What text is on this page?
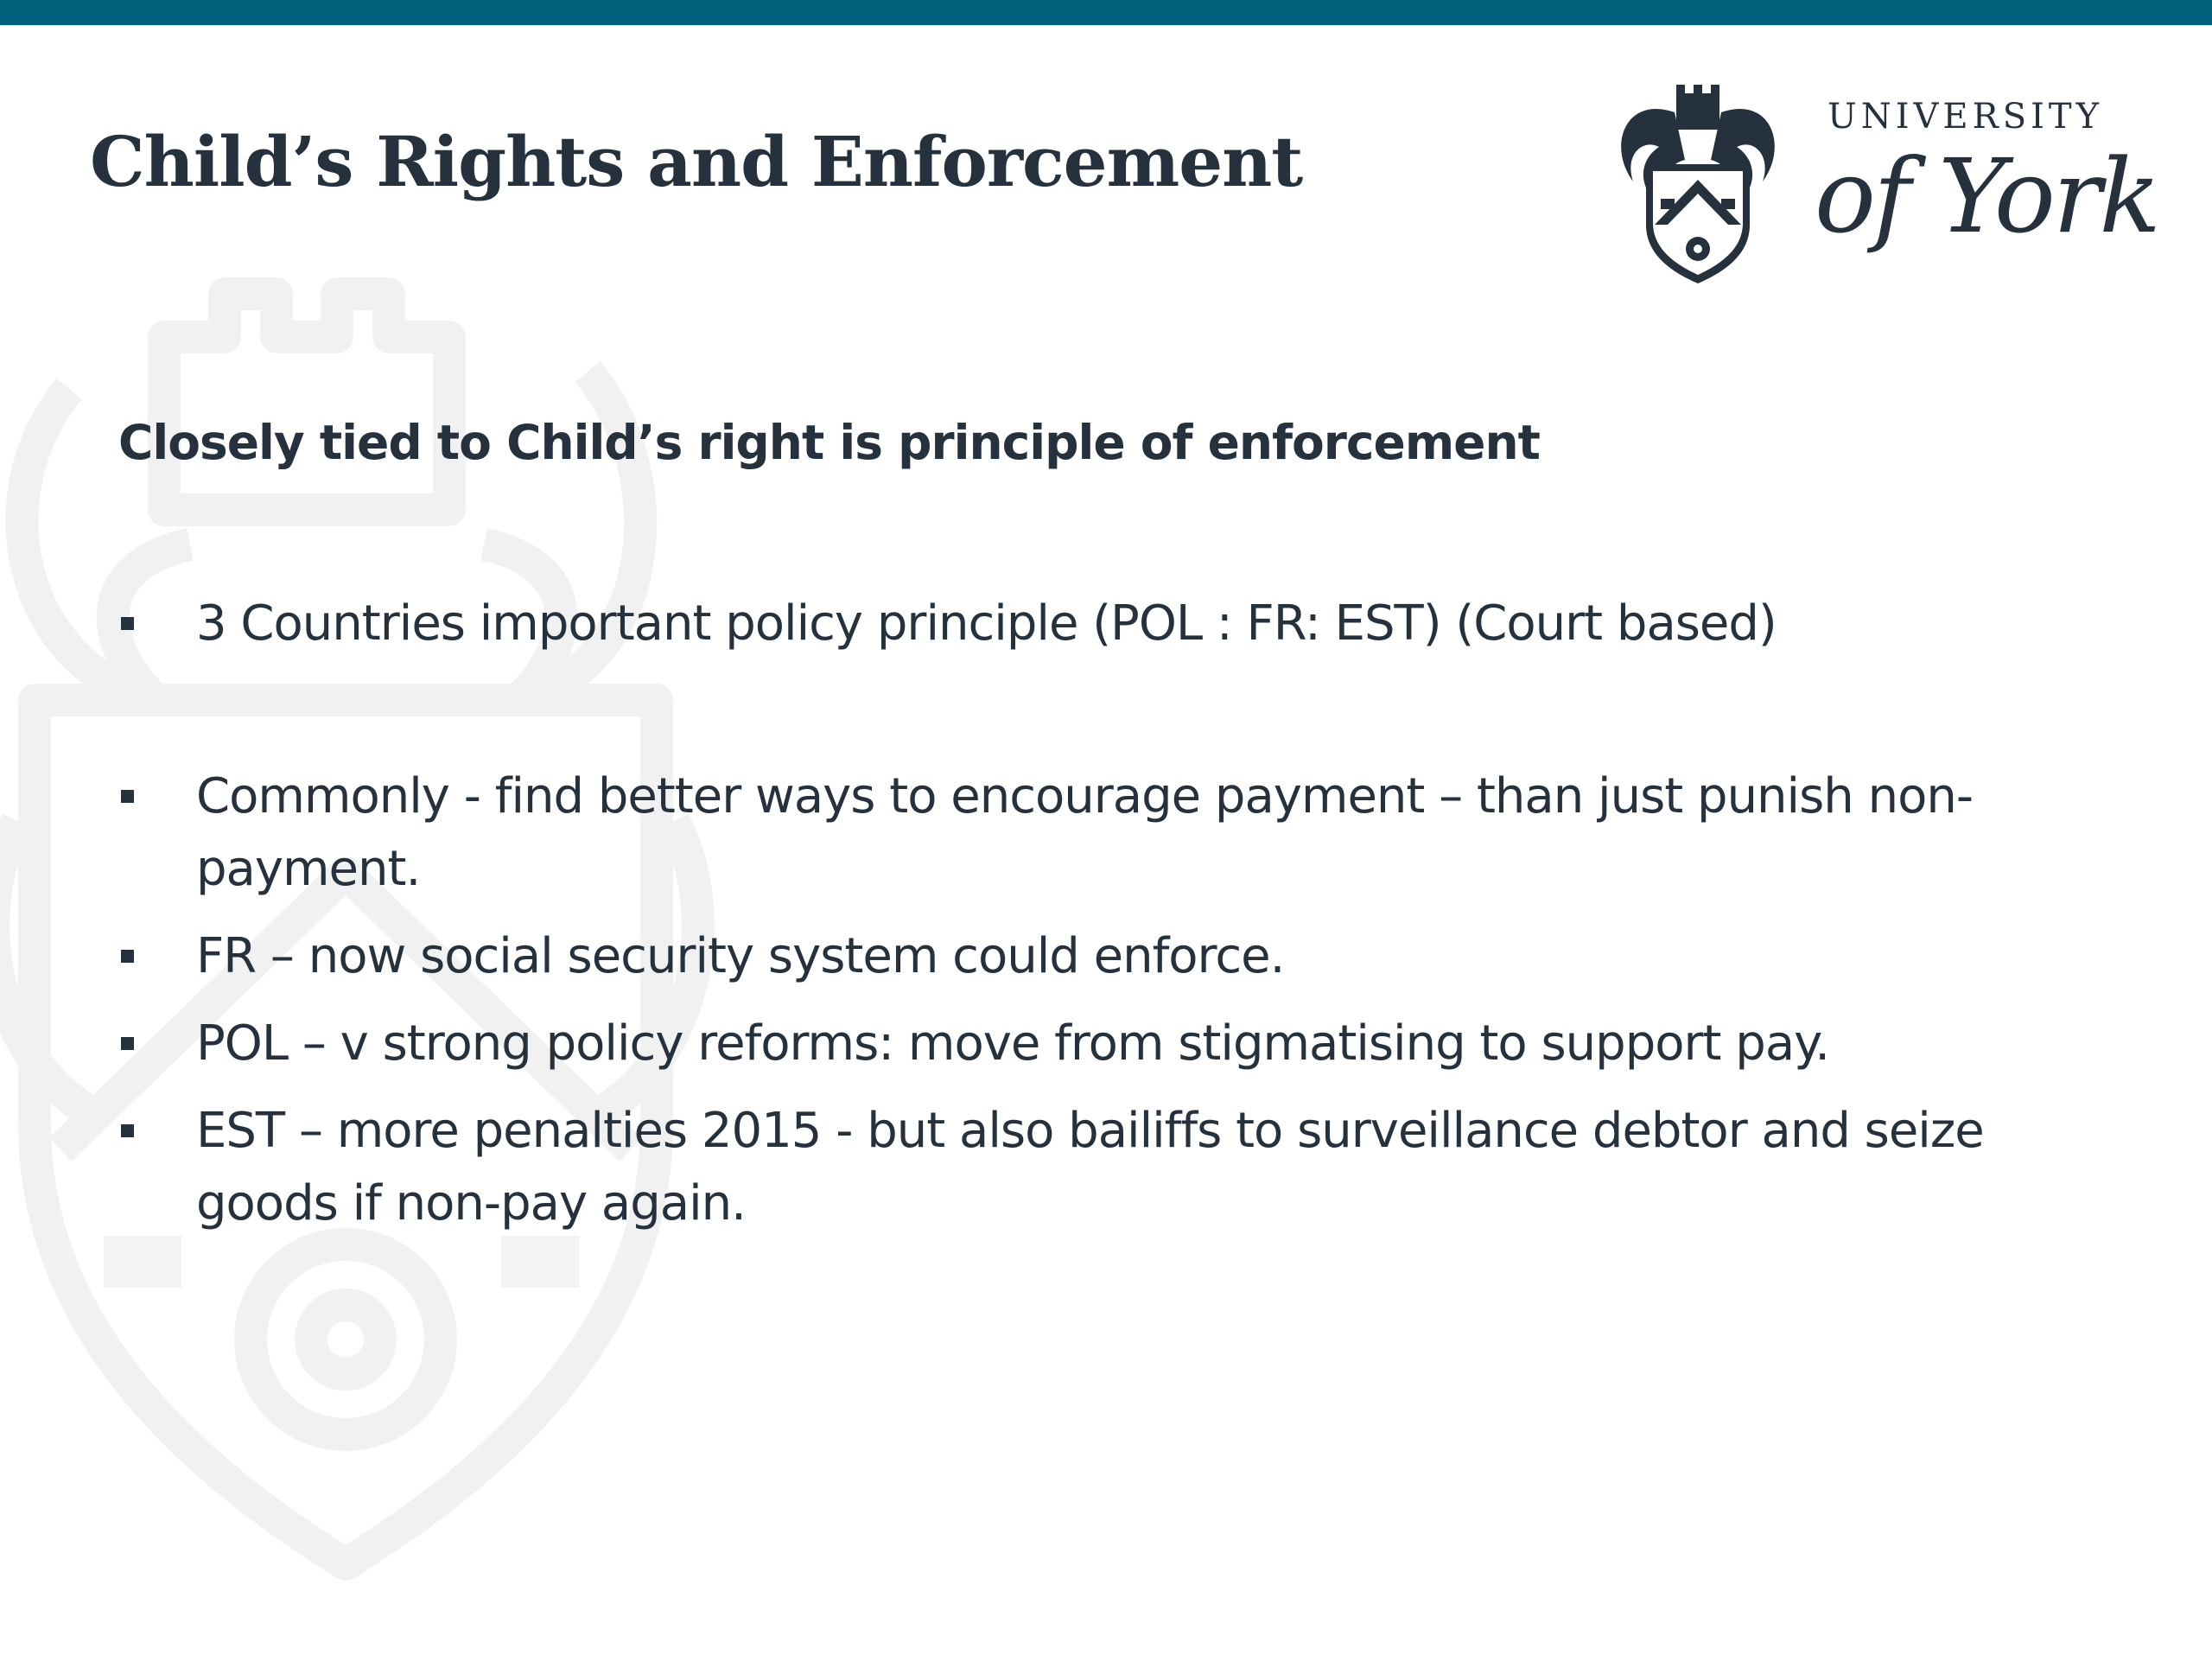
Child’s Rights and Enforcement
UNIVERSITY
of York
Closely tied to Child’s right is principle of enforcement
3 Countries important policy principle (POL : FR: EST) (Court based)
Commonly - find better ways to encourage payment – than just punish non-payment.
FR – now social security system could enforce.
POL – v strong policy reforms: move from stigmatising to support pay.
EST – more penalties 2015 - but also bailiffs to surveillance debtor and seize goods if non-pay again.
